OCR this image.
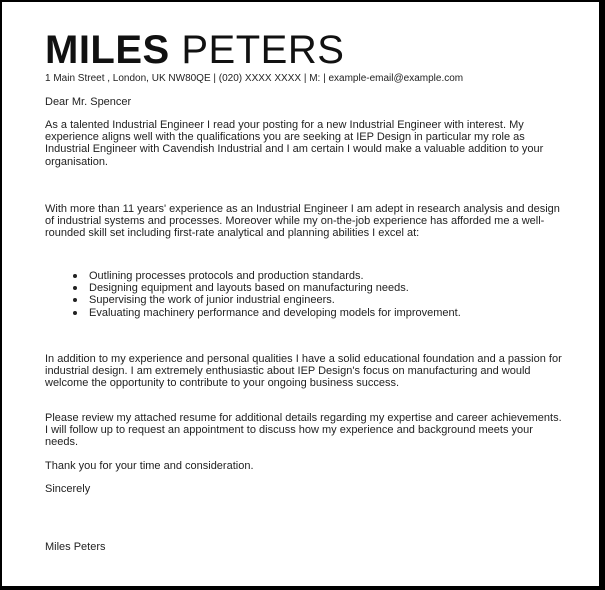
MILES PETERS
1 Main Street , London, UK NW80QE | (020) XXXX XXXX | M: | example-email@example.com

Dear Mr. Spencer

As a talented Industrial Engineer I read your posting for a new Industrial Engineer with interest. My experience aligns well with the qualifications you are seeking at IEP Design in particular my role as Industrial Engineer with Cavendish Industrial and I am certain I would make a valuable addition to your organisation.

With more than 11 years' experience as an Industrial Engineer I am adept in research analysis and design of industrial systems and processes. Moreover while my on-the-job experience has afforded me a well-rounded skill set including first-rate analytical and planning abilities I excel at:

Outlining processes protocols and production standards.
Designing equipment and layouts based on manufacturing needs.
Supervising the work of junior industrial engineers.
Evaluating machinery performance and developing models for improvement.

In addition to my experience and personal qualities I have a solid educational foundation and a passion for industrial design. I am extremely enthusiastic about IEP Design's focus on manufacturing and would welcome the opportunity to contribute to your ongoing business success.

Please review my attached resume for additional details regarding my expertise and career achievements. I will follow up to request an appointment to discuss how my experience and background meets your needs.

Thank you for your time and consideration.

Sincerely

Miles Peters
